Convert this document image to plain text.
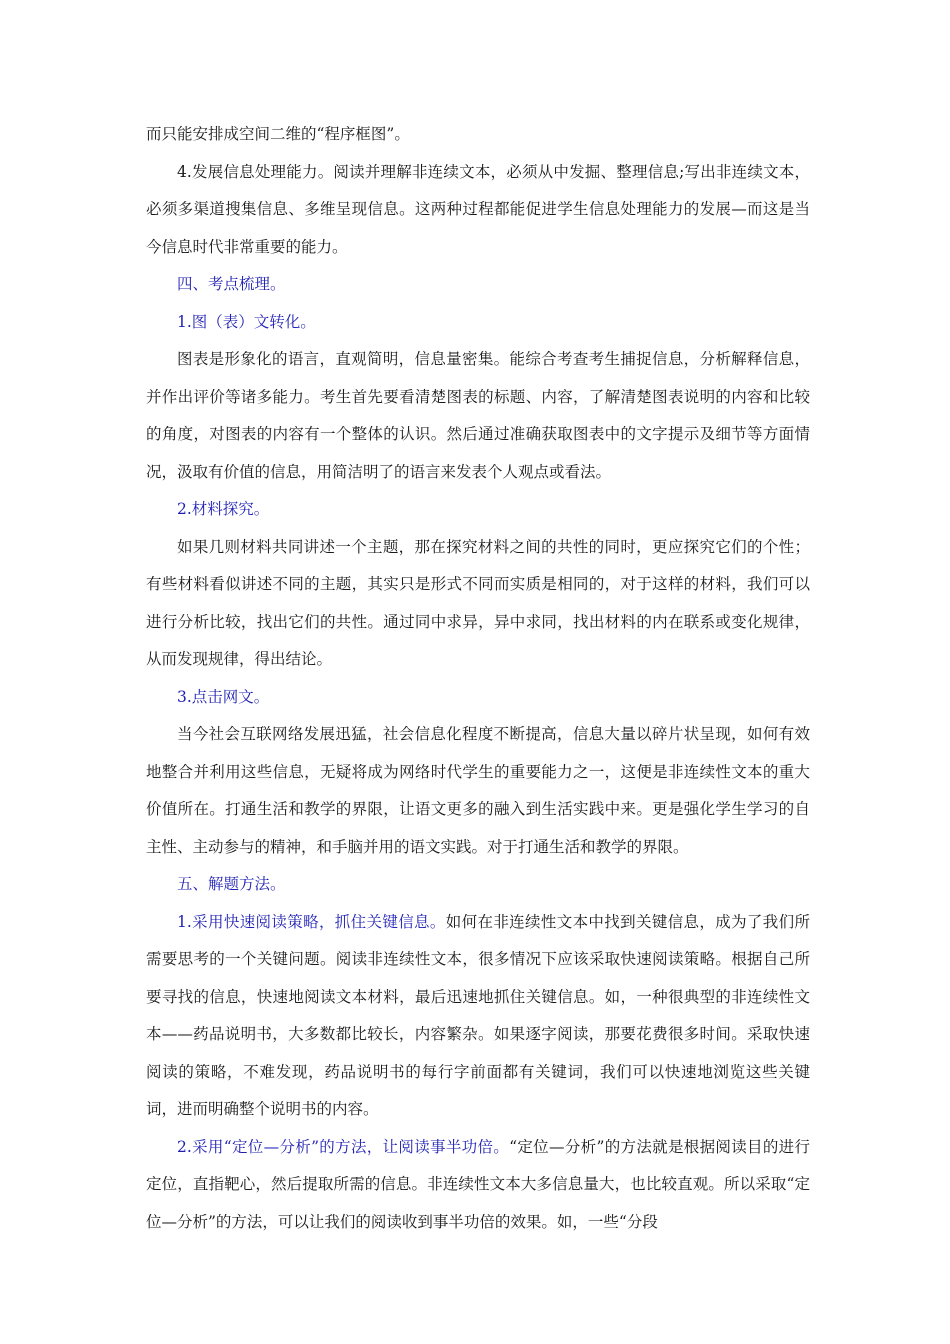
而只能安排成空间二维的“程序框图”。

4.发展信息处理能力。阅读并理解非连续文本，必须从中发掘、整理信息;写出非连续文本，必须多渠道搜集信息、多维呈现信息。这两种过程都能促进学生信息处理能力的发展—而这是当今信息时代非常重要的能力。

四、考点梳理。

1.图（表）文转化。

图表是形象化的语言，直观简明，信息量密集。能综合考查考生捕捉信息，分析解释信息，并作出评价等诸多能力。考生首先要看清楚图表的标题、内容，了解清楚图表说明的内容和比较的角度，对图表的内容有一个整体的认识。然后通过准确获取图表中的文字提示及细节等方面情况，汲取有价值的信息，用简洁明了的语言来发表个人观点或看法。

2.材料探究。

如果几则材料共同讲述一个主题，那在探究材料之间的共性的同时，更应探究它们的个性；有些材料看似讲述不同的主题，其实只是形式不同而实质是相同的，对于这样的材料，我们可以进行分析比较，找出它们的共性。通过同中求异，异中求同，找出材料的内在联系或变化规律，从而发现规律，得出结论。

3.点击网文。

当今社会互联网络发展迅猛，社会信息化程度不断提高，信息大量以碎片状呈现，如何有效地整合并利用这些信息，无疑将成为网络时代学生的重要能力之一，这便是非连续性文本的重大价值所在。打通生活和教学的界限，让语文更多的融入到生活实践中来。更是强化学生学习的自主性、主动参与的精神，和手脑并用的语文实践。对于打通生活和教学的界限。

五、解题方法。

1.采用快速阅读策略，抓住关键信息。如何在非连续性文本中找到关键信息，成为了我们所需要思考的一个关键问题。阅读非连续性文本，很多情况下应该采取快速阅读策略。根据自己所要寻找的信息，快速地阅读文本材料，最后迅速地抓住关键信息。如，一种很典型的非连续性文本——药品说明书，大多数都比较长，内容繁杂。如果逐字阅读，那要花费很多时间。采取快速阅读的策略，不难发现，药品说明书的每行字前面都有关键词，我们可以快速地浏览这些关键词，进而明确整个说明书的内容。

2.采用“定位—分析”的方法，让阅读事半功倍。“定位—分析”的方法就是根据阅读目的进行定位，直指靶心，然后提取所需的信息。非连续性文本大多信息量大，也比较直观。所以采取“定位—分析”的方法，可以让我们的阅读收到事半功倍的效果。如，一些“分段
